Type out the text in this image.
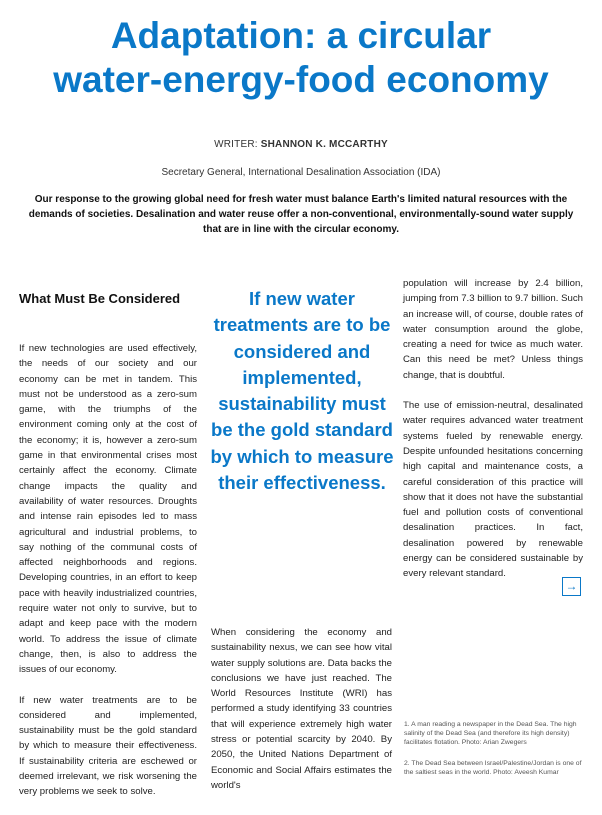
Adaptation: a circular
water-energy-food economy
WRITER: SHANNON K. MCCARTHY
Secretary General, International Desalination Association (IDA)
Our response to the growing global need for fresh water must balance Earth's limited natural resources with the demands of societies. Desalination and water reuse offer a non-conventional, environmentally-sound water supply that are in line with the circular economy.
What Must Be Considered

If new technologies are used effectively, the needs of our society and our economy can be met in tandem. This must not be understood as a zero-sum game, with the triumphs of the environment coming only at the cost of the economy; it is, however a zero-sum game in that environmental crises most certainly affect the economy. Climate change impacts the quality and availability of water resources. Droughts and intense rain episodes led to mass agricultural and industrial problems, to say nothing of the communal costs of affected neighborhoods and regions. Developing countries, in an effort to keep pace with heavily industrialized countries, require water not only to survive, but to adapt and keep pace with the modern world. To address the issue of climate change, then, is also to address the issues of our economy.

If new water treatments are to be considered and implemented, sustainability must be the gold standard by which to measure their effectiveness. If sustainability criteria are eschewed or deemed irrelevant, we risk worsening the very problems we seek to solve.

If new water treatments are to be considered and implemented, sustainability must be the gold standard by which to measure their effectiveness.

When considering the economy and sustainability nexus, we can see how vital water supply solutions are. Data backs the conclusions we have just reached. The World Resources Institute (WRI) has performed a study identifying 33 countries that will experience extremely high water stress or potential scarcity by 2040. By 2050, the United Nations Department of Economic and Social Affairs estimates the world's

population will increase by 2.4 billion, jumping from 7.3 billion to 9.7 billion. Such an increase will, of course, double rates of water consumption around the globe, creating a need for twice as much water. Can this need be met? Unless things change, that is doubtful.

The use of emission-neutral, desalinated water requires advanced water treatment systems fueled by renewable energy. Despite unfounded hesitations concerning high capital and maintenance costs, a careful consideration of this practice will show that it does not have the substantial fuel and pollution costs of conventional desalination practices. In fact, desalination powered by renewable energy can be considered sustainable by every relevant standard.

→

1. A man reading a newspaper in the Dead Sea. The high salinity of the Dead Sea (and therefore its high density) facilitates flotation. Photo: Arian Zwegers

2. The Dead Sea between Israel/Palestine/Jordan is one of the saltiest seas in the world. Photo: Aveesh Kumar
